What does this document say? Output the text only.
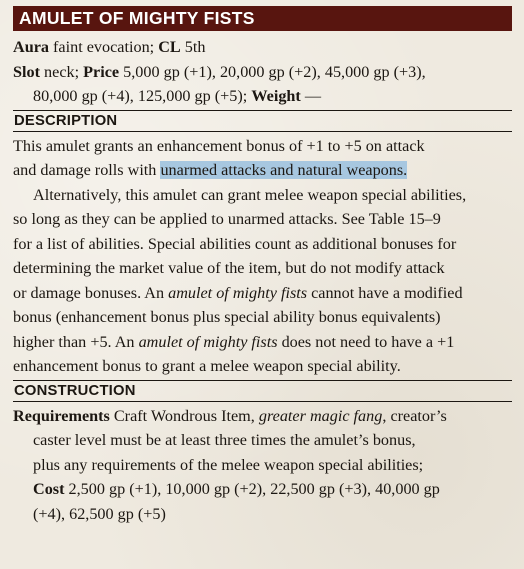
AMULET OF MIGHTY FISTS
Aura faint evocation; CL 5th
Slot neck; Price 5,000 gp (+1), 20,000 gp (+2), 45,000 gp (+3),
80,000 gp (+4), 125,000 gp (+5); Weight —
DESCRIPTION
This amulet grants an enhancement bonus of +1 to +5 on attack
and damage rolls with unarmed attacks and natural weapons.
Alternatively, this amulet can grant melee weapon special abilities,
so long as they can be applied to unarmed attacks. See Table 15–9
for a list of abilities. Special abilities count as additional bonuses for
determining the market value of the item, but do not modify attack
or damage bonuses. An amulet of mighty fists cannot have a modified
bonus (enhancement bonus plus special ability bonus equivalents)
higher than +5. An amulet of mighty fists does not need to have a +1
enhancement bonus to grant a melee weapon special ability.
CONSTRUCTION
Requirements Craft Wondrous Item, greater magic fang, creator’s
caster level must be at least three times the amulet’s bonus,
plus any requirements of the melee weapon special abilities;
Cost 2,500 gp (+1), 10,000 gp (+2), 22,500 gp (+3), 40,000 gp
(+4), 62,500 gp (+5)
